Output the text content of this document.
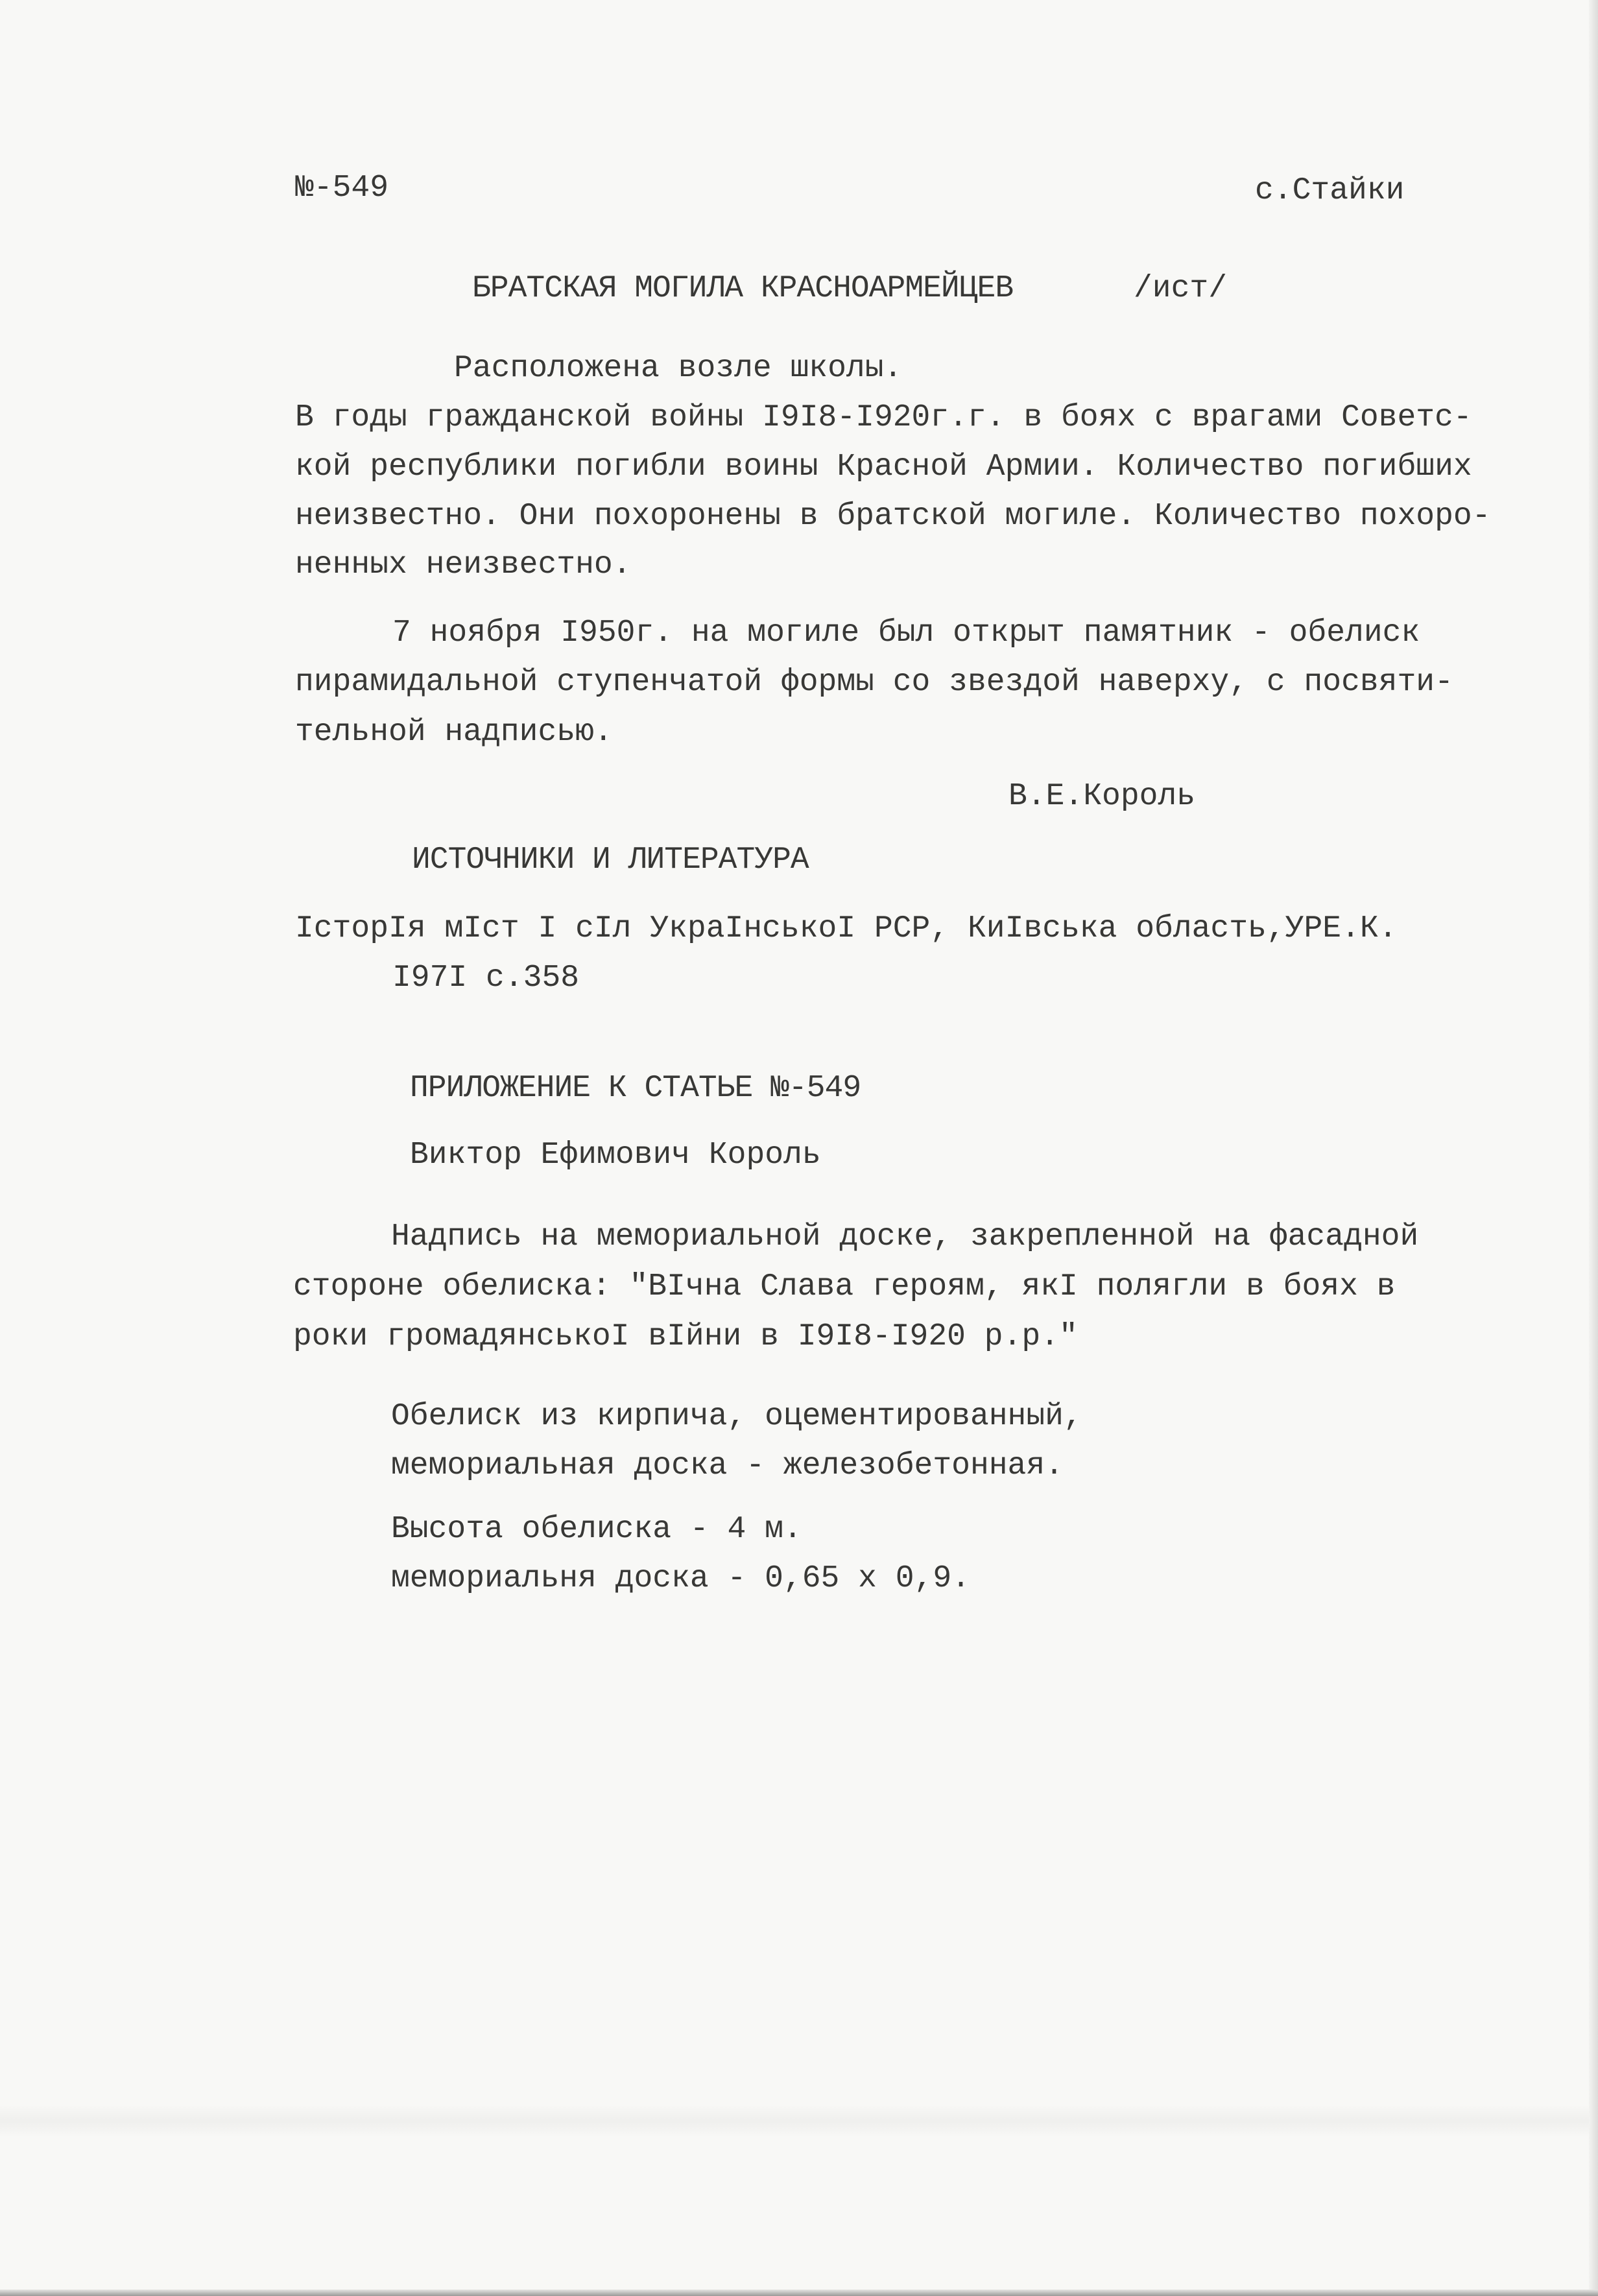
№-549	с.Стайки

БРАТСКАЯ МОГИЛА КРАСНОАРМЕЙЦЕВ	/ист/

Расположена возле школы.

В годы гражданской войны I9I8-I920г.г. в боях с врагами Советс-

кой республики погибли воины Красной Армии. Количество погибших

неизвестно. Они похоронены в братской могиле. Количество похоро-

ненных неизвестно.

7 ноября I950г. на могиле был открыт памятник - обелиск

пирамидальной ступенчатой формы со звездой наверху, с посвяти-

тельной надписью.

В.Е.Король

ИСТОЧНИКИ И ЛИТЕРАТУРА

ІсторІя мІст І сІл УкраІнськоІ РСР, КиІвська область,УРЕ.К.

I97I с.358

ПРИЛОЖЕНИЕ К СТАТЬЕ №-549

Виктор Ефимович Король

Надпись на мемориальной доске, закрепленной на фасадной

стороне обелиска: "ВІчна Слава героям, якІ полягли в боях в

роки громадянськоІ вІйни в I9I8-I920 р.р."

Обелиск из кирпича, оцементированный,

мемориальная доска - железобетонная.

Высота обелиска - 4 м.

мемориальня доска - 0,65 х 0,9.
